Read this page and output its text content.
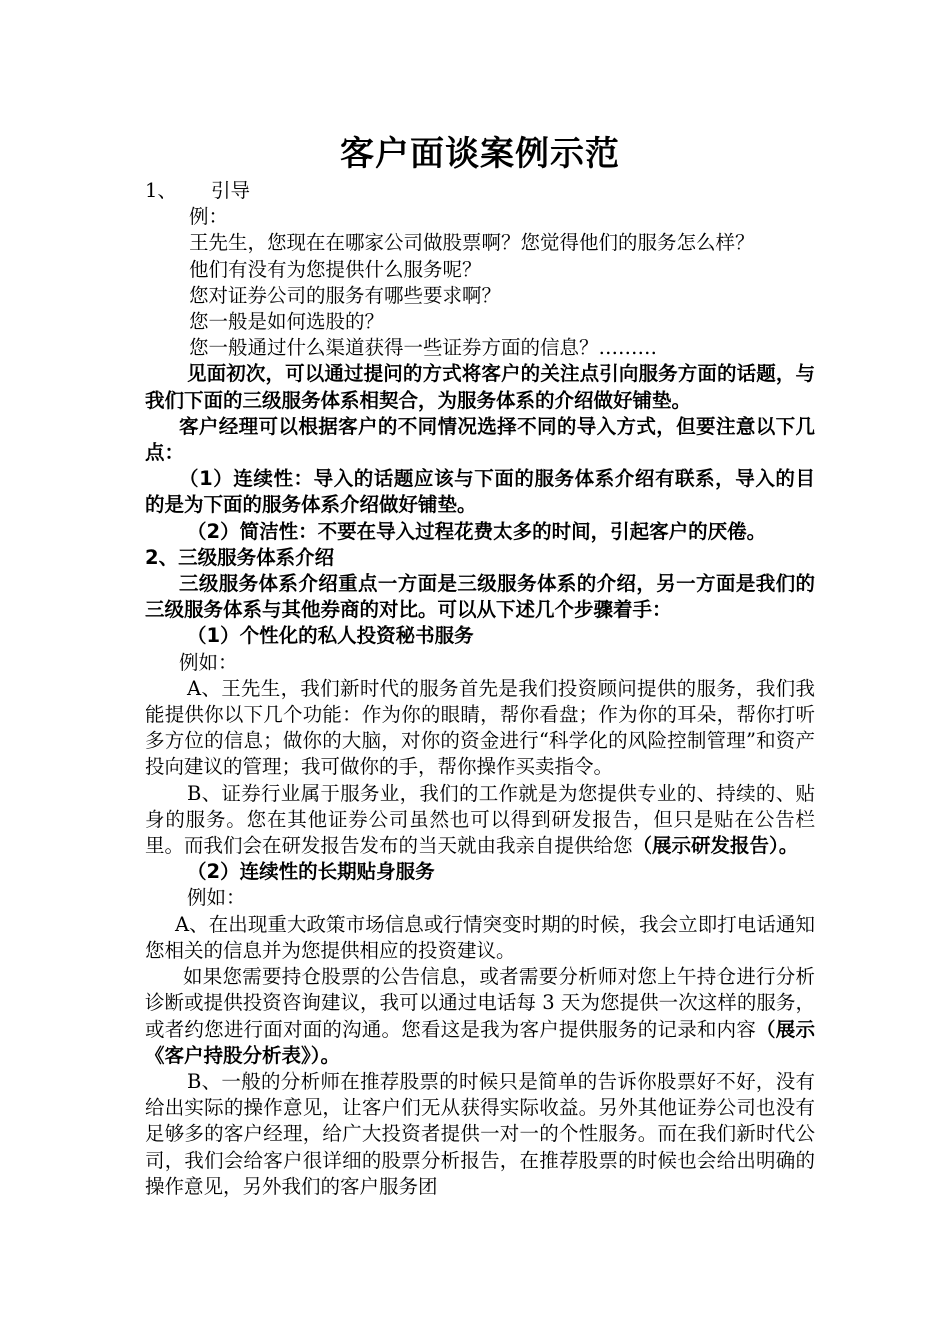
客户面谈案例示范

1、 引导

例：

王先生，您现在在哪家公司做股票啊？您觉得他们的服务怎么样？

他们有没有为您提供什么服务呢？

您对证券公司的服务有哪些要求啊？

您一般是如何选股的？

您一般通过什么渠道获得一些证券方面的信息？………

见面初次，可以通过提问的方式将客户的关注点引向服务方面的话题，与我们下面的三级服务体系相契合，为服务体系的介绍做好铺垫。

客户经理可以根据客户的不同情况选择不同的导入方式，但要注意以下几点：

（1）连续性：导入的话题应该与下面的服务体系介绍有联系，导入的目的是为下面的服务体系介绍做好铺垫。

（2）简洁性：不要在导入过程花费太多的时间，引起客户的厌倦。

2、三级服务体系介绍

三级服务体系介绍重点一方面是三级服务体系的介绍，另一方面是我们的三级服务体系与其他券商的对比。可以从下述几个步骤着手：

（1）个性化的私人投资秘书服务

例如：

A、王先生，我们新时代的服务首先是我们投资顾问提供的服务，我们我能提供你以下几个功能：作为你的眼睛，帮你看盘；作为你的耳朵，帮你打听多方位的信息；做你的大脑，对你的资金进行“科学化的风险控制管理”和资产投向建议的管理；我可做你的手，帮你操作买卖指令。

B、证券行业属于服务业，我们的工作就是为您提供专业的、持续的、贴身的服务。您在其他证券公司虽然也可以得到研发报告，但只是贴在公告栏里。而我们会在研发报告发布的当天就由我亲自提供给您（展示研发报告）。

（2）连续性的长期贴身服务

例如：

A、在出现重大政策市场信息或行情突变时期的时候，我会立即打电话通知您相关的信息并为您提供相应的投资建议。

如果您需要持仓股票的公告信息，或者需要分析师对您上午持仓进行分析诊断或提供投资咨询建议，我可以通过电话每 3 天为您提供一次这样的服务，或者约您进行面对面的沟通。您看这是我为客户提供服务的记录和内容（展示《客户持股分析表》）。

B、一般的分析师在推荐股票的时候只是简单的告诉你股票好不好，没有给出实际的操作意见，让客户们无从获得实际收益。另外其他证券公司也没有足够多的客户经理，给广大投资者提供一对一的个性服务。而在我们新时代公司，我们会给客户很详细的股票分析报告，在推荐股票的时候也会给出明确的操作意见，另外我们的客户服务团
